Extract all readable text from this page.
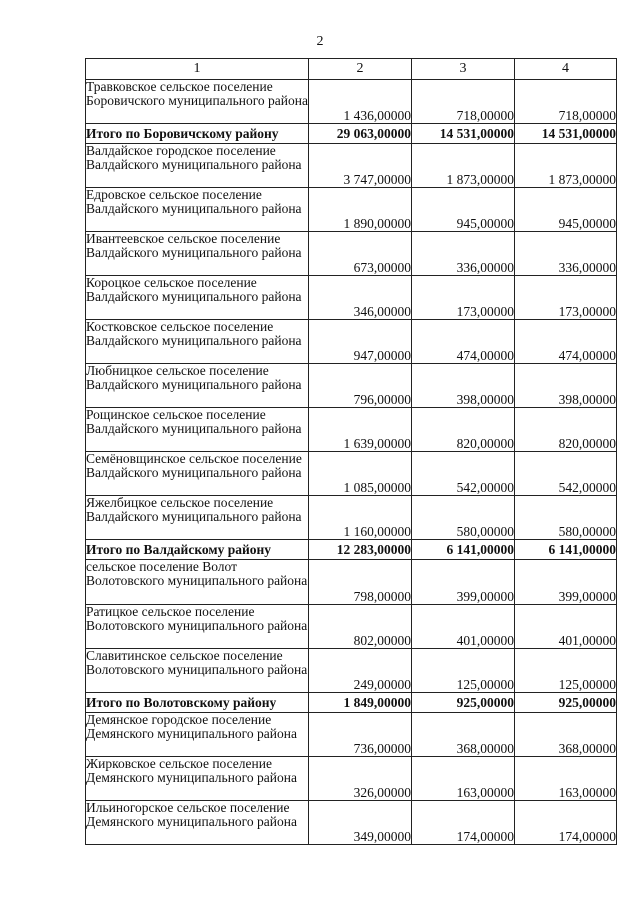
2
1	2	3	4
Травковское сельское поселение Боровичского муниципального района	1 436,00000	718,00000	718,00000
Итого по Боровичскому району	29 063,00000	14 531,00000	14 531,00000
Валдайское городское поселение Валдайского муниципального района	3 747,00000	1 873,00000	1 873,00000
Едровское сельское поселение Валдайского муниципального района	1 890,00000	945,00000	945,00000
Ивантеевское сельское поселение Валдайского муниципального района	673,00000	336,00000	336,00000
Короцкое сельское поселение Валдайского муниципального района	346,00000	173,00000	173,00000
Костковское сельское поселение Валдайского муниципального района	947,00000	474,00000	474,00000
Любницкое сельское поселение Валдайского муниципального района	796,00000	398,00000	398,00000
Рощинское сельское поселение Валдайского муниципального района	1 639,00000	820,00000	820,00000
Семёновщинское сельское поселение Валдайского муниципального района	1 085,00000	542,00000	542,00000
Яжелбицкое сельское поселение Валдайского муниципального района	1 160,00000	580,00000	580,00000
Итого по Валдайскому району	12 283,00000	6 141,00000	6 141,00000
сельское поселение Волот Волотовского муниципального района	798,00000	399,00000	399,00000
Ратицкое сельское поселение Волотовского муниципального района	802,00000	401,00000	401,00000
Славитинское сельское поселение Волотовского муниципального района	249,00000	125,00000	125,00000
Итого по Волотовскому району	1 849,00000	925,00000	925,00000
Демянское городское поселение Демянского муниципального района	736,00000	368,00000	368,00000
Жирковское сельское поселение Демянского муниципального района	326,00000	163,00000	163,00000
Ильиногорское сельское поселение Демянского муниципального района	349,00000	174,00000	174,00000
